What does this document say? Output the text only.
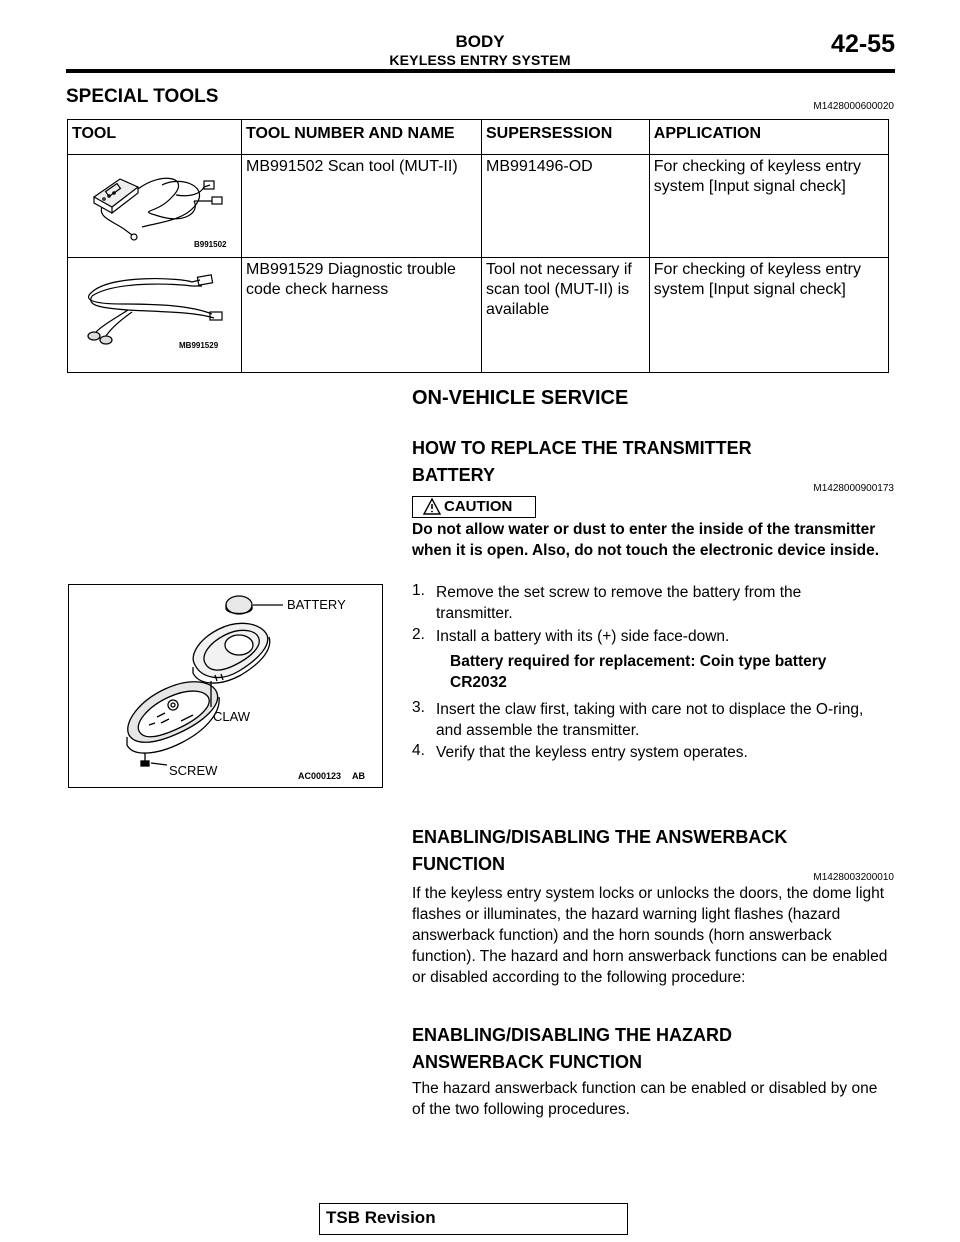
BODY
KEYLESS ENTRY SYSTEM
42-55
SPECIAL TOOLS	M1428000600020
TOOL	TOOL NUMBER AND NAME	SUPERSESSION	APPLICATION

B991502	MB991502 Scan tool (MUT-II)	MB991496-OD	For checking of keyless entry system [Input signal check]

MB991529	MB991529 Diagnostic trouble code check harness	Tool not necessary if scan tool (MUT-II) is available	For checking of keyless entry system [Input signal check]
ON-VEHICLE SERVICE
HOW TO REPLACE THE TRANSMITTER BATTERY
M1428000900173
CAUTION
Do not allow water or dust to enter the inside of the transmitter when it is open. Also, do not touch the electronic device inside.
1. Remove the set screw to remove the battery from the transmitter.
2. Install a battery with its (+) side face-down.
Battery required for replacement: Coin type battery CR2032
3. Insert the claw first, taking with care not to displace the O-ring, and assemble the transmitter.
4. Verify that the keyless entry system operates.
BATTERY
CLAW
SCREW	AC000123 AB
ENABLING/DISABLING THE ANSWERBACK FUNCTION
M1428003200010
If the keyless entry system locks or unlocks the doors, the dome light flashes or illuminates, the hazard warning light flashes (hazard answerback function) and the horn sounds (horn answerback function). The hazard and horn answerback functions can be enabled or disabled according to the following procedure:
ENABLING/DISABLING THE HAZARD ANSWERBACK FUNCTION
The hazard answerback function can be enabled or disabled by one of the two following procedures.
TSB Revision
